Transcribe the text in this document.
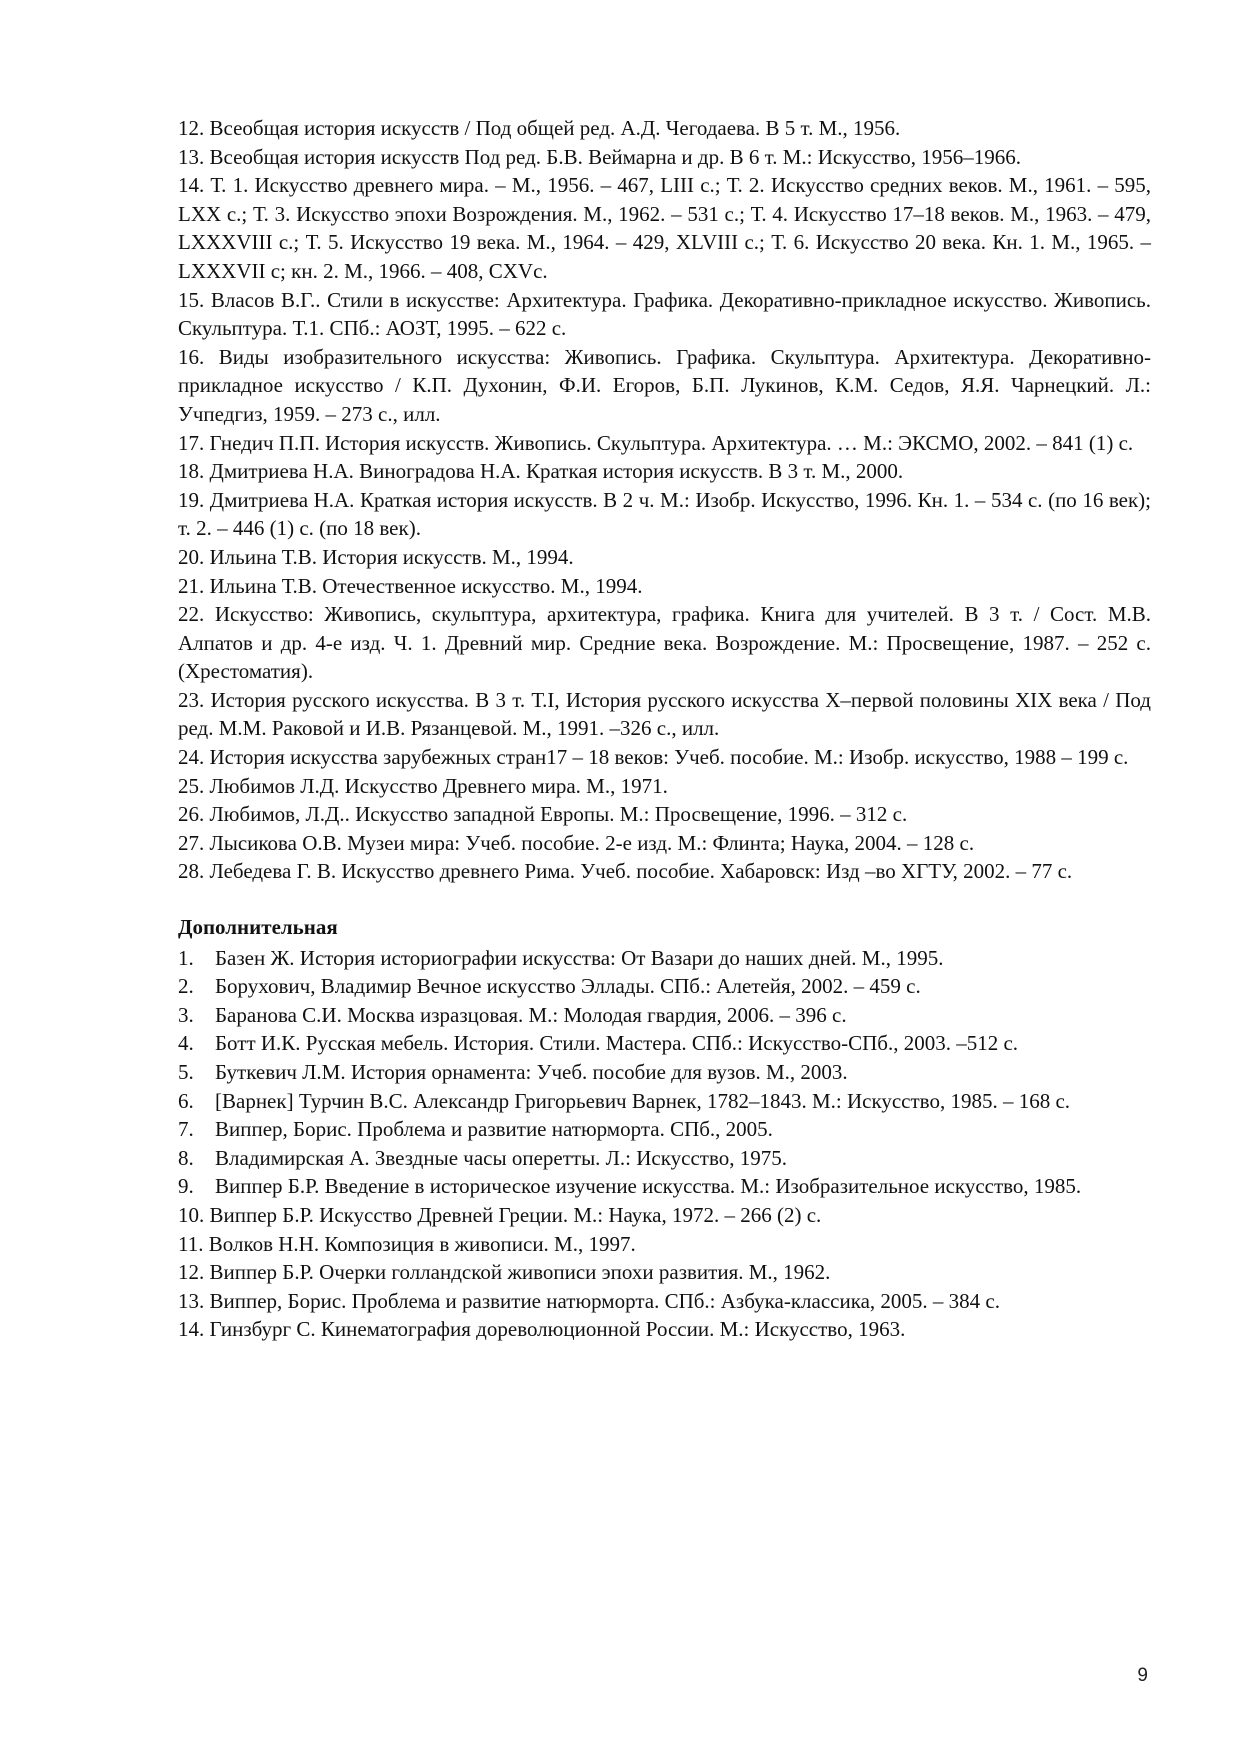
12. Всеобщая история искусств / Под общей ред. А.Д. Чегодаева. В 5 т. М., 1956.

13. Всеобщая история искусств Под ред. Б.В. Веймарна и др. В 6 т. М.: Искусство, 1956–1966.

14. Т. 1. Искусство древнего мира. – М., 1956. – 467, LIII с.; Т. 2. Искусство средних веков. М., 1961. – 595, LXX с.; Т. 3. Искусство эпохи Возрождения. М., 1962. – 531 с.; Т. 4. Искусство 17–18 веков. М., 1963. – 479, LXXXVIII с.; Т. 5. Искусство 19 века. М., 1964. – 429, XLVIII с.; Т. 6. Искусство 20 века. Кн. 1. М., 1965. – LXXXVII с; кн. 2. М., 1966. – 408, CXVс.

15. Власов В.Г.. Стили в искусстве: Архитектура. Графика. Декоративно-прикладное искусство. Живопись. Скульптура. Т.1. СПб.: АОЗТ, 1995. – 622 с.

16. Виды изобразительного искусства: Живопись. Графика. Скульптура. Архитектура. Декоративно-прикладное искусство / К.П. Духонин, Ф.И. Егоров, Б.П. Лукинов, К.М. Седов, Я.Я. Чарнецкий. Л.: Учпедгиз, 1959. – 273 с., илл.

17. Гнедич П.П. История искусств. Живопись. Скульптура. Архитектура. … М.: ЭКСМО, 2002. – 841 (1) с.

18. Дмитриева Н.А. Виноградова Н.А. Краткая история искусств. В 3 т. М., 2000.

19. Дмитриева Н.А. Краткая история искусств. В 2 ч. М.: Изобр. Искусство, 1996. Кн. 1. – 534 с. (по 16 век); т. 2. – 446 (1) с. (по 18 век).

20. Ильина Т.В. История искусств. М., 1994.

21. Ильина Т.В. Отечественное искусство. М., 1994.

22. Искусство: Живопись, скульптура, архитектура, графика. Книга для учителей. В 3 т. / Сост. М.В. Алпатов и др. 4-е изд. Ч. 1. Древний мир. Средние века. Возрождение. М.: Просвещение, 1987. – 252 с. (Хрестоматия).

23. История русского искусства. В 3 т. Т.I, История русского искусства Х–первой половины XIX века / Под ред. М.М. Раковой и И.В. Рязанцевой. М., 1991. –326 с., илл.

24. История искусства зарубежных стран17 – 18 веков: Учеб. пособие. М.: Изобр. искусство, 1988 – 199 с.

25. Любимов Л.Д. Искусство Древнего мира. М., 1971.

26. Любимов, Л.Д.. Искусство западной Европы. М.: Просвещение, 1996. – 312 с.

27. Лысикова О.В. Музеи мира: Учеб. пособие. 2-е изд. М.: Флинта; Наука, 2004. – 128 с.

28. Лебедева Г. В. Искусство древнего Рима. Учеб. пособие. Хабаровск: Изд –во ХГТУ, 2002. – 77 с.

Дополнительная

1. Базен Ж. История историографии искусства: От Вазари до наших дней. М., 1995.

2. Борухович, Владимир Вечное искусство Эллады. СПб.: Алетейя, 2002. – 459 с.

3. Баранова С.И. Москва изразцовая. М.: Молодая гвардия, 2006. – 396 с.

4. Ботт И.К. Русская мебель. История. Стили. Мастера. СПб.: Искусство-СПб., 2003. –512 с.

5. Буткевич Л.М. История орнамента: Учеб. пособие для вузов. М., 2003.

6. [Варнек] Турчин В.С. Александр Григорьевич Варнек, 1782–1843. М.: Искусство, 1985. – 168 с.

7. Виппер, Борис. Проблема и развитие натюрморта. СПб., 2005.

8. Владимирская А. Звездные часы оперетты. Л.: Искусство, 1975.

9. Виппер Б.Р. Введение в историческое изучение искусства. М.: Изобразительное искусство, 1985.

10. Виппер Б.Р. Искусство Древней Греции. М.: Наука, 1972. – 266 (2) с.

11. Волков Н.Н. Композиция в живописи. М., 1997.

12. Виппер Б.Р. Очерки голландской живописи эпохи развития. М., 1962.

13. Виппер, Борис. Проблема и развитие натюрморта. СПб.: Азбука-классика, 2005. – 384 с.

14. Гинзбург С. Кинематография дореволюционной России. М.: Искусство, 1963.

9
